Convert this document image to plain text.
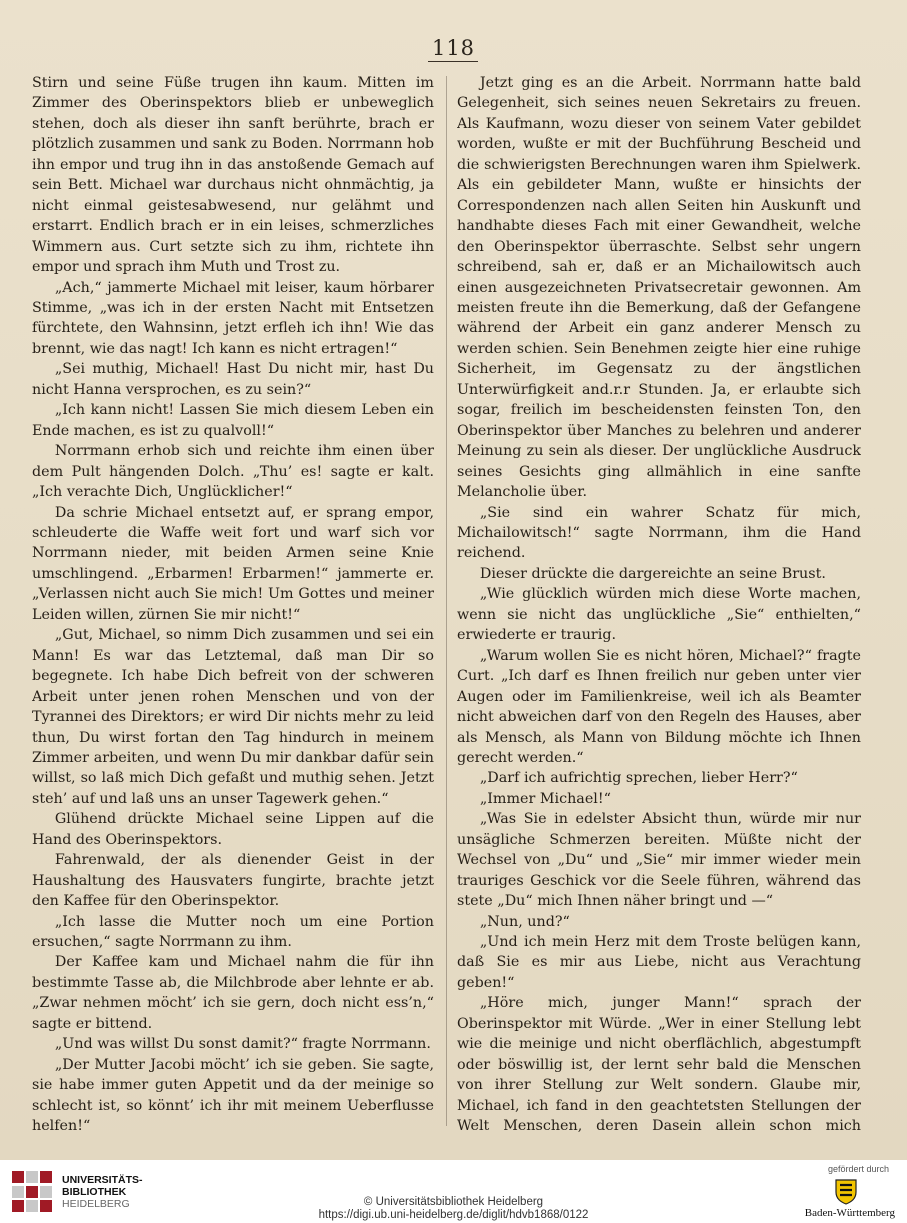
118

Stirn und seine Füße trugen ihn kaum. Mitten im Zimmer des Oberinspektors blieb er unbeweglich stehen, doch als dieser ihn sanft berührte, brach er plötzlich zusammen und sank zu Boden. Norrmann hob ihn empor und trug ihn in das anstoßende Gemach auf sein Bett. Michael war durchaus nicht ohnmächtig, ja nicht einmal geistesabwesend, nur gelähmt und erstarrt. Endlich brach er in ein leises, schmerzliches Wimmern aus. Curt setzte sich zu ihm, richtete ihn empor und sprach ihm Muth und Trost zu.

„Ach,“ jammerte Michael mit leiser, kaum hörbarer Stimme, „was ich in der ersten Nacht mit Entsetzen fürchtete, den Wahnsinn, jetzt erfleh ich ihn! Wie das brennt, wie das nagt! Ich kann es nicht ertragen!“

„Sei muthig, Michael! Hast Du nicht mir, hast Du nicht Hanna versprochen, es zu sein?“

„Ich kann nicht! Lassen Sie mich diesem Leben ein Ende machen, es ist zu qualvoll!“

Norrmann erhob sich und reichte ihm einen über dem Pult hängenden Dolch. „Thu’ es! sagte er kalt. „Ich verachte Dich, Unglücklicher!“

Da schrie Michael entsetzt auf, er sprang empor, schleuderte die Waffe weit fort und warf sich vor Norrmann nieder, mit beiden Armen seine Knie umschlingend. „Erbarmen! Erbarmen!“ jammerte er. „Verlassen nicht auch Sie mich! Um Gottes und meiner Leiden willen, zürnen Sie mir nicht!“

„Gut, Michael, so nimm Dich zusammen und sei ein Mann! Es war das Letztemal, daß man Dir so begegnete. Ich habe Dich befreit von der schweren Arbeit unter jenen rohen Menschen und von der Tyrannei des Direktors; er wird Dir nichts mehr zu leid thun, Du wirst fortan den Tag hindurch in meinem Zimmer arbeiten, und wenn Du mir dankbar dafür sein willst, so laß mich Dich gefaßt und muthig sehen. Jetzt steh’ auf und laß uns an unser Tagewerk gehen.“

Glühend drückte Michael seine Lippen auf die Hand des Oberinspektors.

Fahrenwald, der als dienender Geist in der Haushaltung des Hausvaters fungirte, brachte jetzt den Kaffee für den Oberinspektor.

„Ich lasse die Mutter noch um eine Portion ersuchen,“ sagte Norrmann zu ihm.

Der Kaffee kam und Michael nahm die für ihn bestimmte Tasse ab, die Milchbrode aber lehnte er ab. „Zwar nehmen möcht’ ich sie gern, doch nicht ess’n,“ sagte er bittend.

„Und was willst Du sonst damit?“ fragte Norrmann.

„Der Mutter Jacobi möcht’ ich sie geben. Sie sagte, sie habe immer guten Appetit und da der meinige so schlecht ist, so könnt’ ich ihr mit meinem Ueberflusse helfen!“

Jetzt ging es an die Arbeit. Norrmann hatte bald Gelegenheit, sich seines neuen Sekretairs zu freuen. Als Kaufmann, wozu dieser von seinem Vater gebildet worden, wußte er mit der Buchführung Bescheid und die schwierigsten Berechnungen waren ihm Spielwerk. Als ein gebildeter Mann, wußte er hinsichts der Correspondenzen nach allen Seiten hin Auskunft und handhabte dieses Fach mit einer Gewandheit, welche den Oberinspektor überraschte. Selbst sehr ungern schreibend, sah er, daß er an Michailowitsch auch einen ausgezeichneten Privatsecretair gewonnen. Am meisten freute ihn die Bemerkung, daß der Gefangene während der Arbeit ein ganz anderer Mensch zu werden schien. Sein Benehmen zeigte hier eine ruhige Sicherheit, im Gegensatz zu der ängstlichen Unterwürfigkeit and.r.r Stunden. Ja, er erlaubte sich sogar, freilich im bescheidensten feinsten Ton, den Oberinspektor über Manches zu belehren und anderer Meinung zu sein als dieser. Der unglückliche Ausdruck seines Gesichts ging allmählich in eine sanfte Melancholie über.

„Sie sind ein wahrer Schatz für mich, Michailowitsch!“ sagte Norrmann, ihm die Hand reichend.

Dieser drückte die dargereichte an seine Brust.

„Wie glücklich würden mich diese Worte machen, wenn sie nicht das unglückliche „Sie“ enthielten,“ erwiederte er traurig.

„Warum wollen Sie es nicht hören, Michael?“ fragte Curt. „Ich darf es Ihnen freilich nur geben unter vier Augen oder im Familienkreise, weil ich als Beamter nicht abweichen darf von den Regeln des Hauses, aber als Mensch, als Mann von Bildung möchte ich Ihnen gerecht werden.“

„Darf ich aufrichtig sprechen, lieber Herr?“

„Immer Michael!“

„Was Sie in edelster Absicht thun, würde mir nur unsägliche Schmerzen bereiten. Müßte nicht der Wechsel von „Du“ und „Sie“ mir immer wieder mein trauriges Geschick vor die Seele führen, während das stete „Du“ mich Ihnen näher bringt und —“

„Nun, und?“

„Und ich mein Herz mit dem Troste belügen kann, daß Sie es mir aus Liebe, nicht aus Verachtung geben!“

„Höre mich, junger Mann!“ sprach der Oberinspektor mit Würde. „Wer in einer Stellung lebt wie die meinige und nicht oberflächlich, abgestumpft oder böswillig ist, der lernt sehr bald die Menschen von ihrer Stellung zur Welt sondern. Glaube mir, Michael, ich fand in den geachtetsten Stellungen der Welt Menschen, deren Dasein allein schon mich

UNIVERSITÄTS-
BIBLIOTHEK
HEIDELBERG	© Universitätsbibliothek Heidelberg
https://digi.ub.uni-heidelberg.de/diglit/hdvb1868/0122
gefördert durch
Baden-Württemberg
